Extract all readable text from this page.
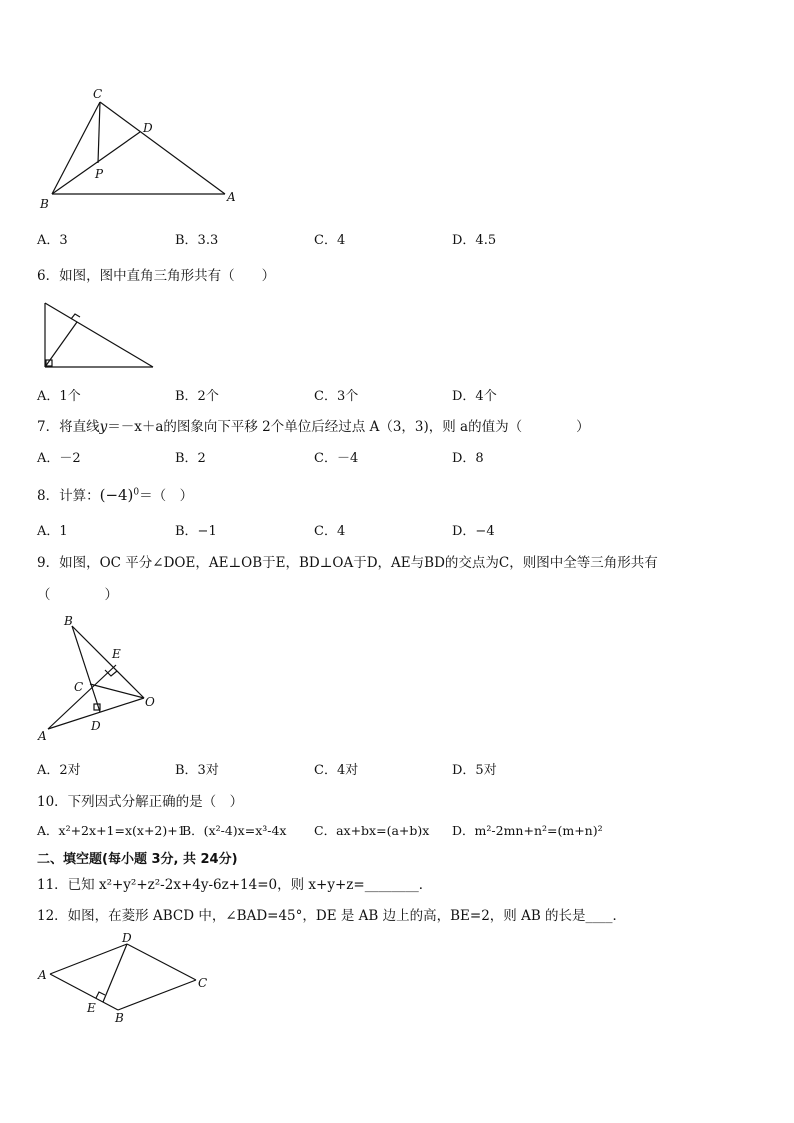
C
D
P
B	A
A．3	B．3.3	C．4	D．4.5
6．如图，图中直角三角形共有（　　）
A．1个	B．2个	C．3个	D．4个
7．将直线y＝－x＋a的图象向下平移 2个单位后经过点 A（3，3)，则 a的值为（　　　　）
A．－2	B．2	C．－4	D．8
8．计算：$(-4)^0=$（　）
A．1	B．−1	C．4	D．−4
9．如图，OC 平分∠DOE，AE⊥OB于E，BD⊥OA于D，AE与BD的交点为C，则图中全等三角形共有
（　　　　）
B
E
C
O
A
D
A．2对	B．3对	C．4对	D．5对
10．下列因式分解正确的是（　）
A．x²+2x+1=x(x+2)+1
B．(x²-4)x=x³-4x C．ax+bx=(a+b)x D．m²-2mn+n²=(m+n)²
二、填空题(每小题 3分, 共 24分)
11．已知 x²+y²+z²-2x+4y-6z+14=0，则 x+y+z=________．
12．如图，在菱形 ABCD 中，∠BAD=45°，DE 是 AB 边上的高，BE=2，则 AB 的长是____．
D
A
C
E
B
